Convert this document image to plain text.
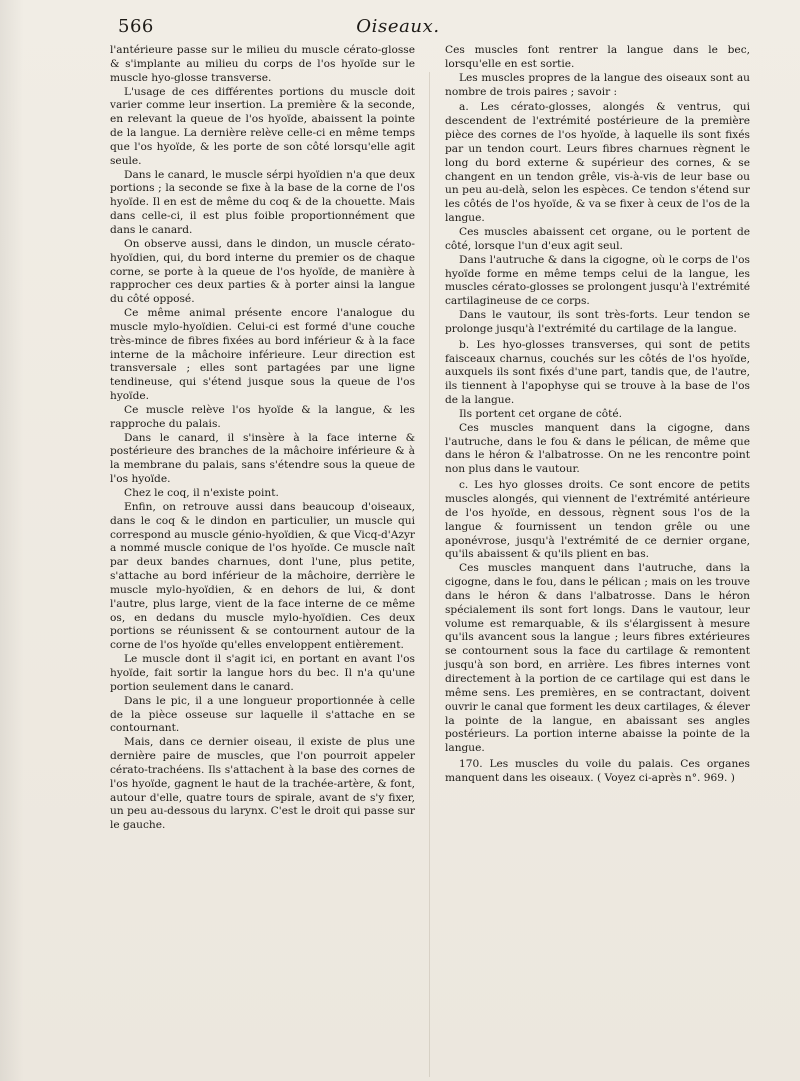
566	Oiseaux.

l'antérieure passe sur le milieu du muscle cérato-glosse & s'implante au milieu du corps de l'os hyoïde sur le muscle hyo-glosse transverse.

L'usage de ces différentes portions du muscle doit varier comme leur insertion. La première & la seconde, en relevant la queue de l'os hyoïde, abaissent la pointe de la langue. La dernière relève celle-ci en même temps que l'os hyoïde, & les porte de son côté lorsqu'elle agit seule.

Dans le canard, le muscle sérpi hyoïdien n'a que deux portions ; la seconde se fixe à la base de la corne de l'os hyoïde. Il en est de même du coq & de la chouette. Mais dans celle-ci, il est plus foible proportionnément que dans le canard.

On observe aussi, dans le dindon, un muscle cérato-hyoïdien, qui, du bord interne du premier os de chaque corne, se porte à la queue de l'os hyoïde, de manière à rapprocher ces deux parties & à porter ainsi la langue du côté opposé.

Ce même animal présente encore l'analogue du muscle mylo-hyoïdien. Celui-ci est formé d'une couche très-mince de fibres fixées au bord inférieur & à la face interne de la mâchoire inférieure. Leur direction est transversale ; elles sont partagées par une ligne tendineuse, qui s'étend jusque sous la queue de l'os hyoïde.

Ce muscle relève l'os hyoïde & la langue, & les rapproche du palais.

Dans le canard, il s'insère à la face interne & postérieure des branches de la mâchoire inférieure & à la membrane du palais, sans s'étendre sous la queue de l'os hyoïde.

Chez le coq, il n'existe point.

Enfin, on retrouve aussi dans beaucoup d'oiseaux, dans le coq & le dindon en particulier, un muscle qui correspond au muscle génio-hyoïdien, & que Vicq-d'Azyr a nommé muscle conique de l'os hyoïde. Ce muscle naît par deux bandes charnues, dont l'une, plus petite, s'attache au bord inférieur de la mâchoire, derrière le muscle mylo-hyoïdien, & en dehors de lui, & dont l'autre, plus large, vient de la face interne de ce même os, en dedans du muscle mylo-hyoïdien. Ces deux portions se réunissent & se contournent autour de la corne de l'os hyoïde qu'elles enveloppent entièrement.

Le muscle dont il s'agit ici, en portant en avant l'os hyoïde, fait sortir la langue hors du bec. Il n'a qu'une portion seulement dans le canard.

Dans le pic, il a une longueur proportionnée à celle de la pièce osseuse sur laquelle il s'attache en se contournant.

Mais, dans ce dernier oiseau, il existe de plus une dernière paire de muscles, que l'on pourroit appeler cérato-trachéens. Ils s'attachent à la base des cornes de l'os hyoïde, gagnent le haut de la trachée-artère, & font, autour d'elle, quatre tours de spirale, avant de s'y fixer, un peu au-dessous du larynx. C'est le droit qui passe sur le gauche.

Ces muscles font rentrer la langue dans le bec, lorsqu'elle en est sortie.

Les muscles propres de la langue des oiseaux sont au nombre de trois paires ; savoir :

a. Les cérato-glosses, alongés & ventrus, qui descendent de l'extrémité postérieure de la première pièce des cornes de l'os hyoïde, à laquelle ils sont fixés par un tendon court. Leurs fibres charnues règnent le long du bord externe & supérieur des cornes, & se changent en un tendon grêle, vis-à-vis de leur base ou un peu au-delà, selon les espèces. Ce tendon s'étend sur les côtés de l'os hyoïde, & va se fixer à ceux de l'os de la langue.

Ces muscles abaissent cet organe, ou le portent de côté, lorsque l'un d'eux agit seul.

Dans l'autruche & dans la cigogne, où le corps de l'os hyoïde forme en même temps celui de la langue, les muscles cérato-glosses se prolongent jusqu'à l'extrémité cartilagineuse de ce corps.

Dans le vautour, ils sont très-forts. Leur tendon se prolonge jusqu'à l'extrémité du cartilage de la langue.

b. Les hyo-glosses transverses, qui sont de petits faisceaux charnus, couchés sur les côtés de l'os hyoïde, auxquels ils sont fixés d'une part, tandis que, de l'autre, ils tiennent à l'apophyse qui se trouve à la base de l'os de la langue.

Ils portent cet organe de côté.

Ces muscles manquent dans la cigogne, dans l'autruche, dans le fou & dans le pélican, de même que dans le héron & l'albatrosse. On ne les rencontre point non plus dans le vautour.

c. Les hyo glosses droits. Ce sont encore de petits muscles alongés, qui viennent de l'extrémité antérieure de l'os hyoïde, en dessous, règnent sous l'os de la langue & fournissent un tendon grêle ou une aponévrose, jusqu'à l'extrémité de ce dernier organe, qu'ils abaissent & qu'ils plient en bas.

Ces muscles manquent dans l'autruche, dans la cigogne, dans le fou, dans le pélican ; mais on les trouve dans le héron & dans l'albatrosse. Dans le héron spécialement ils sont fort longs. Dans le vautour, leur volume est remarquable, & ils s'élargissent à mesure qu'ils avancent sous la langue ; leurs fibres extérieures se contournent sous la face du cartilage & remontent jusqu'à son bord, en arrière. Les fibres internes vont directement à la portion de ce cartilage qui est dans le même sens. Les premières, en se contractant, doivent ouvrir le canal que forment les deux cartilages, & élever la pointe de la langue, en abaissant ses angles postérieurs. La portion interne abaisse la pointe de la langue.

170. Les muscles du voile du palais. Ces organes manquent dans les oiseaux. ( Voyez ci-après n°. 969. )
